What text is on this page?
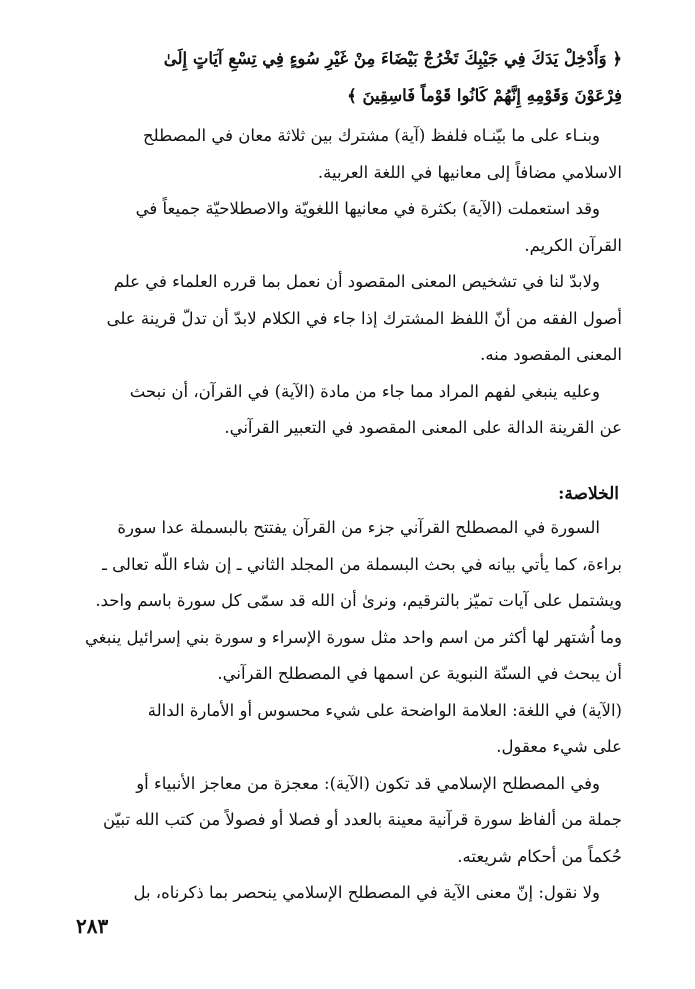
﴿ وَأَدْخِلْ يَدَكَ فِي جَيْبِكَ تَخْرُجْ بَيْضَاءَ مِنْ غَيْرِ سُوءٍ فِي تِسْعِ آيَاتٍ إِلَىٰ
فِرْعَوْنَ وَقَوْمِهِ إِنَّهُمْ كَانُوا قَوْماً فَاسِقِينَ ﴾
وبنـاء على ما بيّنـاه فلفظ (آية) مشترك بين ثلاثة معان في المصطلح
الاسلامي مضافاً إلى معانيها في اللغة العربية.
وقد استعملت (الآية) بكثرة في معانيها اللغويّة والاصطلاحيّة جميعاً في
القرآن الكريم.
ولابدّ لنا في تشخيص المعنى المقصود أن نعمل بما قرره العلماء في علم
أصول الفقه من أنّ اللفظ المشترك إذا جاء في الكلام لابدّ أن تدلّ قرينة على
المعنى المقصود منه.
وعليه ينبغي لفهم المراد مما جاء من مادة (الآية) في القرآن، أن نبحث
عن القرينة الدالة على المعنى المقصود في التعبير القرآني.
الخلاصة:
السورة في المصطلح القرآني جزء من القرآن يفتتح بالبسملة عدا سورة
براءة، كما يأتي بيانه في بحث البسملة من المجلد الثاني ـ إن شاء اللّه تعالى ـ
ويشتمل على آيات تميّز بالترقيم، ونرىٰ أن الله قد سمّى كل سورة باسم واحد.
وما اُشتهر لها أكثر من اسم واحد مثل سورة الإسراء و سورة بني إسرائيل ينبغي
أن يبحث في السنّة النبوية عن اسمها في المصطلح القرآني.
(الآية) في اللغة: العلامة الواضحة على شيء محسوس أو الأمارة الدالة
على شيء معقول.
وفي المصطلح الإسلامي قد تكون (الآية): معجزة من معاجز الأنبياء أو
جملة من ألفاظ سورة قرآنية معينة بالعدد أو فصلا أو فصولاً من كتب الله تبيّن
حُكماً من أحكام شريعته.
ولا نقول: إنّ معنى الآية في المصطلح الإسلامي ينحصر بما ذكرناه، بل
٢٨٣
